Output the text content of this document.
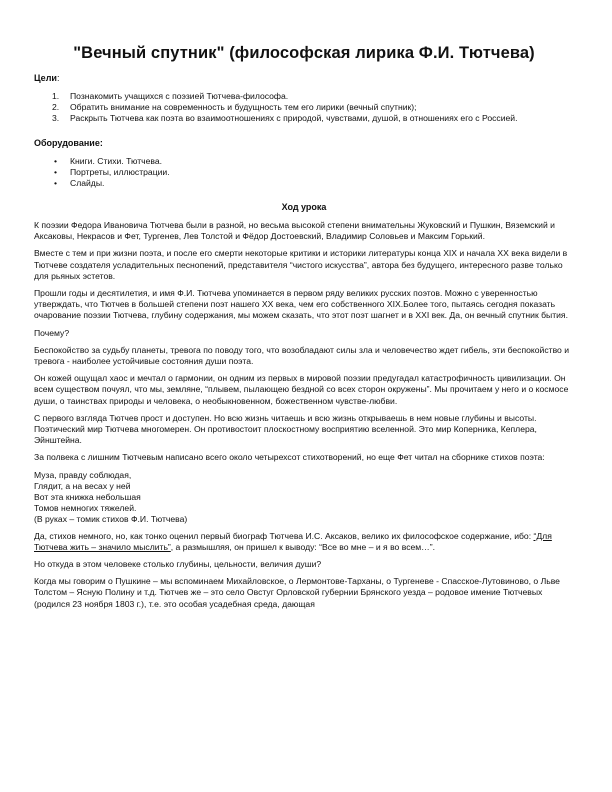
"Вечный спутник" (философская лирика Ф.И. Тютчева)
Цели:
1. Познакомить учащихся с поэзией Тютчева-философа.
2. Обратить внимание на современность и будущность тем его лирики (вечный спутник);
3. Раскрыть Тютчева как поэта во взаимоотношениях с природой, чувствами, душой, в отношениях его с Россией.
Оборудование:
• Книги. Стихи. Тютчева.
• Портреты, иллюстрации.
• Слайды.
Ход урока

К поэзии Федора Ивановича Тютчева были в разной, но весьма высокой степени внимательны Жуковский и Пушкин, Вяземский и Аксаковы, Некрасов и Фет, Тургенев, Лев Толстой и Фёдор Достоевский, Владимир Соловьев и Максим Горький.

Вместе с тем и при жизни поэта, и после его смерти некоторые критики и историки литературы конца XIX и начала XX века видели в Тютчеве создателя усладительных песнопений, представителя “чистого искусства”, автора без будущего, интересного разве только для рьяных эстетов.

Прошли годы и десятилетия, и имя Ф.И. Тютчева упоминается в первом ряду великих русских поэтов. Можно с уверенностью утверждать, что Тютчев в большей степени поэт нашего XX века, чем его собственного XIX.Более того, пытаясь сегодня показать очарование поэзии Тютчева, глубину содержания, мы можем сказать, что этот поэт шагнет и в XXI век. Да, он вечный спутник бытия.

Почему?

Беспокойство за судьбу планеты, тревога по поводу того, что возобладают силы зла и человечество ждет гибель, эти беспокойство и тревога - наиболее устойчивые состояния души поэта.

Он кожей ощущал хаос и мечтал о гармонии, он одним из первых в мировой поэзии предугадал катастрофичность цивилизации. Он всем существом почуял, что мы, земляне, “плывем, пылающею бездной со всех сторон окружены”. Мы прочитаем у него и о космосе души, о таинствах природы и человека, о необыкновенном, божественном чувстве-любви.

С первого взгляда Тютчев прост и доступен. Но всю жизнь читаешь и всю жизнь открываешь в нем новые глубины и высоты. Поэтический мир Тютчева многомерен. Он противостоит плоскостному восприятию вселенной. Это мир Коперника, Кеплера, Эйнштейна.

За полвека с лишним Тютчевым написано всего около четырехсот стихотворений, но еще Фет читал на сборнике стихов поэта:

Муза, правду соблюдая,
Глядит, а на весах у ней
Вот эта книжка небольшая
Томов немногих тяжелей.
(В руках – томик стихов Ф.И. Тютчева)

Да, стихов немного, но, как тонко оценил первый биограф Тютчева И.С. Аксаков, велико их философское содержание, ибо: “Для Тютчева жить – значило мыслить”, а размышляя, он пришел к выводу: “Все во мне – и я во всем…”.

Но откуда в этом человеке столько глубины, цельности, величия души?

Когда мы говорим о Пушкине – мы вспоминаем Михайловское, о Лермонтове-Тарханы, о Тургеневе - Спасское-Лутовиново, о Льве Толстом – Ясную Полину и т.д. Тютчев же – это село Овстуг Орловской губернии Брянского уезда – родовое имение Тютчевых (родился 23 ноября 1803 г.), т.е. это особая усадебная среда, дающая
